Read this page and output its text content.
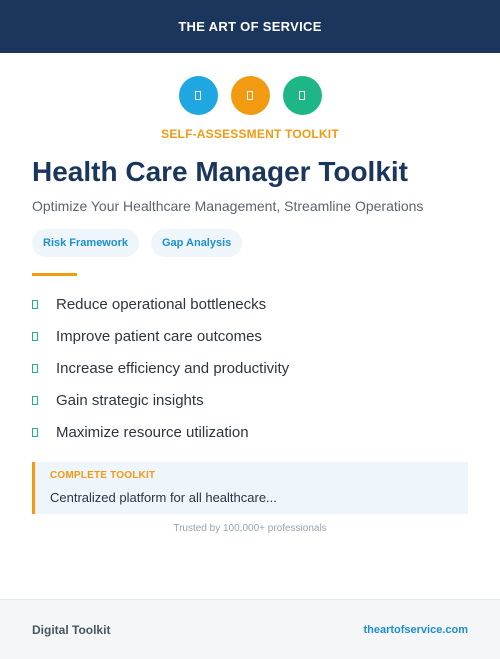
THE ART OF SERVICE
SELF-ASSESSMENT TOOLKIT
Health Care Manager Toolkit
Optimize Your Healthcare Management, Streamline Operations
Risk Framework	Gap Analysis
Reduce operational bottlenecks
Improve patient care outcomes
Increase efficiency and productivity
Gain strategic insights
Maximize resource utilization
COMPLETE TOOLKIT
Centralized platform for all healthcare...
Trusted by 100,000+ professionals
Digital Toolkit	theartofservice.com
